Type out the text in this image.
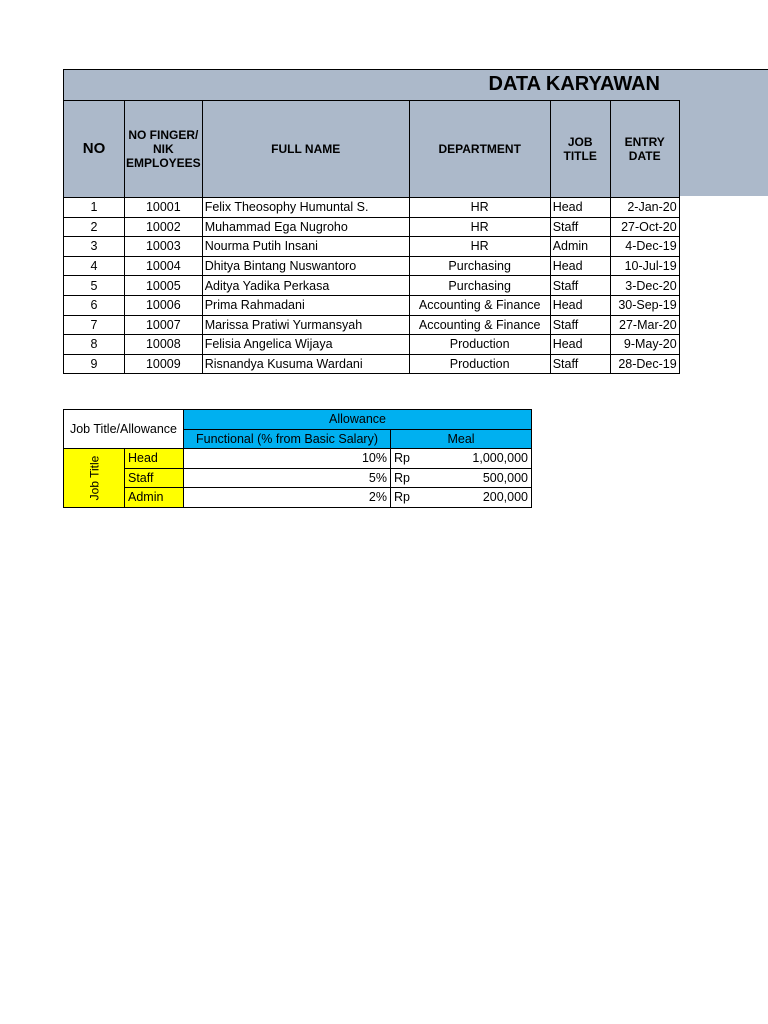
DATA KARYAWAN
NO	NO FINGER/ NIK EMPLOYEES	FULL NAME	DEPARTMENT	JOB TITLE	ENTRY DATE
1	10001	Felix Theosophy Humuntal S.	HR	Head	2-Jan-20
2	10002	Muhammad Ega Nugroho	HR	Staff	27-Oct-20
3	10003	Nourma Putih Insani	HR	Admin	4-Dec-19
4	10004	Dhitya Bintang Nuswantoro	Purchasing	Head	10-Jul-19
5	10005	Aditya Yadika Perkasa	Purchasing	Staff	3-Dec-20
6	10006	Prima Rahmadani	Accounting & Finance	Head	30-Sep-19
7	10007	Marissa Pratiwi Yurmansyah	Accounting & Finance	Staff	27-Mar-20
8	10008	Felisia Angelica Wijaya	Production	Head	9-May-20
9	10009	Risnandya Kusuma Wardani	Production	Staff	28-Dec-19
Job Title/Allowance		Allowance		
		Functional (% from Basic Salary)	Meal	
Job Title	Head	10%	Rp	1,000,000
	Staff	5%	Rp	500,000
	Admin	2%	Rp	200,000
